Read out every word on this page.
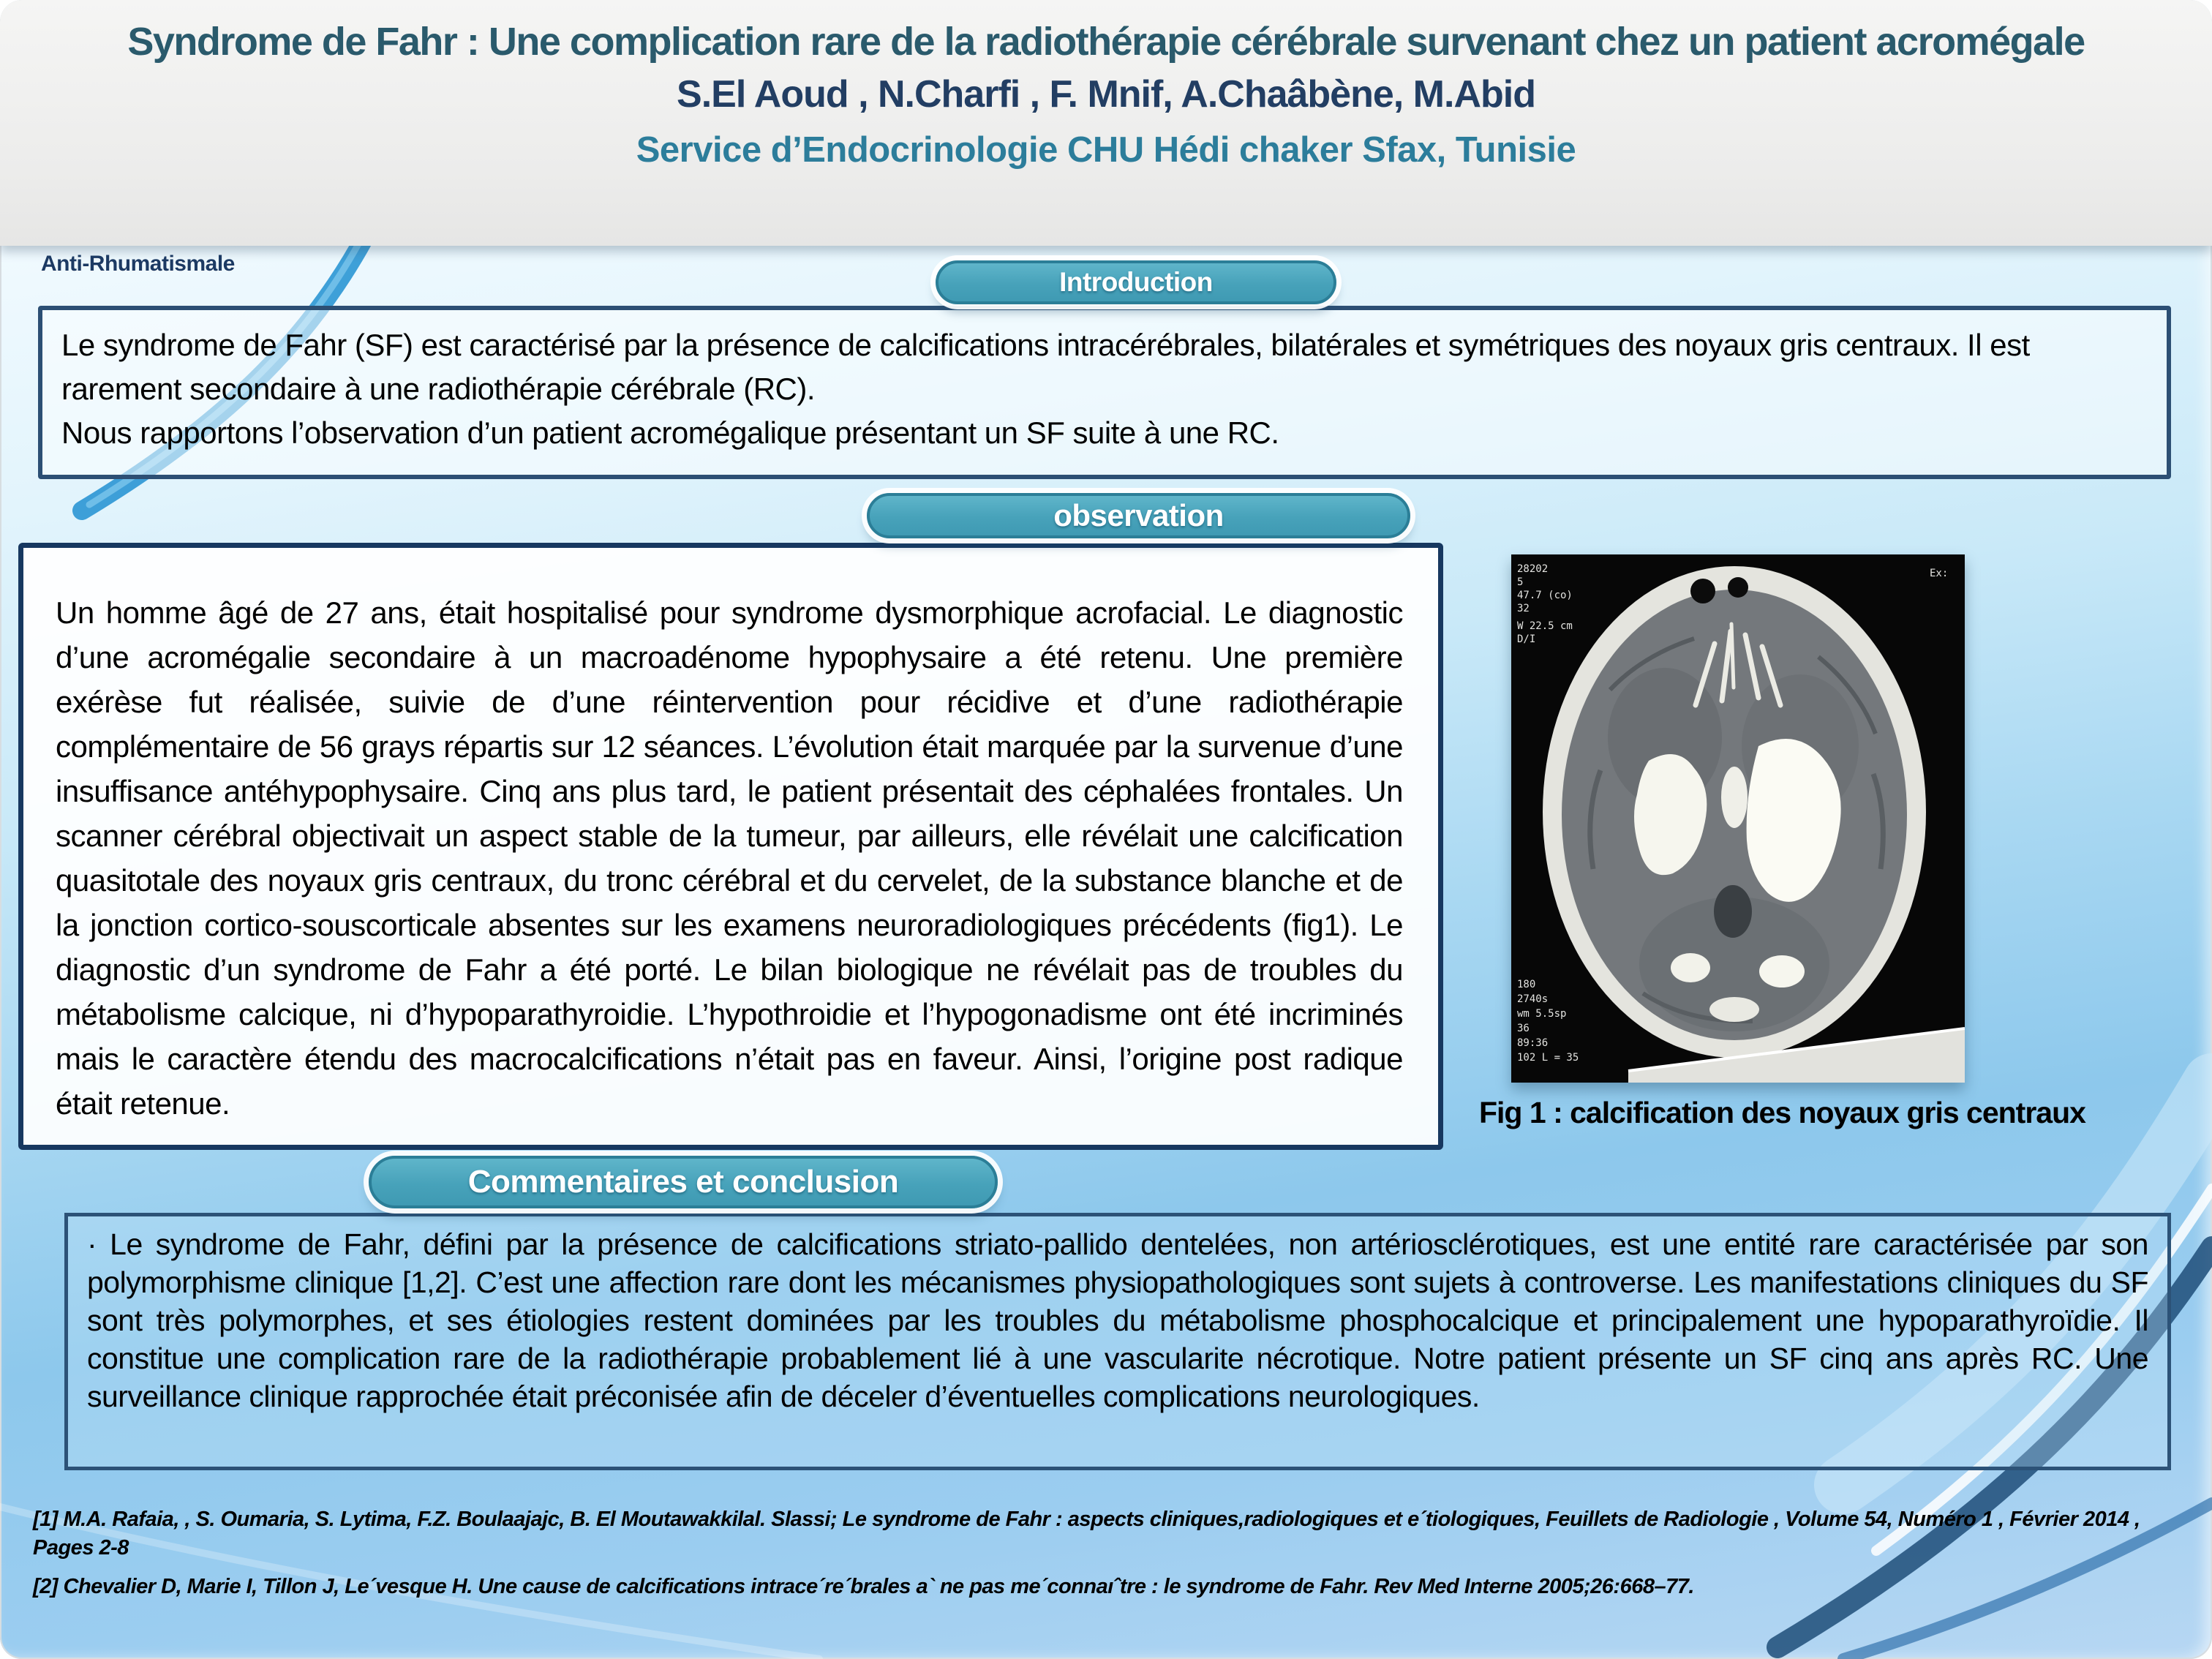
Syndrome de Fahr : Une complication rare de la radiothérapie cérébrale survenant chez un patient acromégale
S.El Aoud , N.Charfi , F. Mnif, A.Chaâbène, M.Abid
Service d’Endocrinologie CHU Hédi chaker Sfax, Tunisie
Anti-Rhumatismale
Introduction

Le syndrome de Fahr (SF) est caractérisé par la présence de calcifications intracérébrales, bilatérales et symétriques des noyaux gris centraux. Il est rarement secondaire à une radiothérapie cérébrale (RC).

Nous rapportons l’observation d’un patient acromégalique présentant un SF suite à une RC.

observation

Un homme âgé de 27 ans, était hospitalisé pour syndrome dysmorphique acrofacial. Le diagnostic d’une acromégalie secondaire à un macroadénome hypophysaire a été retenu. Une première exérèse fut réalisée, suivie de d’une réintervention pour récidive et d’une radiothérapie complémentaire de 56 grays répartis sur 12 séances. L’évolution était marquée par la survenue d’une insuffisance antéhypophysaire. Cinq ans plus tard, le patient présentait des céphalées frontales. Un scanner cérébral objectivait un aspect stable de la tumeur, par ailleurs, elle révélait une calcification quasitotale des noyaux gris centraux, du tronc cérébral et du cervelet, de la substance blanche et de la jonction cortico-souscorticale absentes sur les examens neuroradiologiques précédents (fig1). Le diagnostic d’un syndrome de Fahr a été porté. Le bilan biologique ne révélait pas de troubles du métabolisme calcique, ni d’hypoparathyroidie. L’hypothroidie et l’hypogonadisme ont été incriminés mais le caractère étendu des macrocalcifications n’était pas en faveur. Ainsi, l’origine post radique était retenue.

28202
5
47.7 (co)
32
W 22.5 cm
D/I
Ex:
180
2740s
wm 5.5sp
36
89:36
102 L = 35
Fig 1 : calcification des noyaux gris centraux
Commentaires et conclusion

· Le syndrome de Fahr, défini par la présence de calcifications striato-pallido dentelées, non artériosclérotiques, est une entité rare caractérisée par son polymorphisme clinique [1,2]. C’est une affection rare dont les mécanismes physiopathologiques sont sujets à controverse. Les manifestations cliniques du SF sont très polymorphes, et ses étiologies restent dominées par les troubles du métabolisme phosphocalcique et principalement une hypoparathyroïdie. Il constitue une complication rare de la radiothérapie probablement lié à une vascularite nécrotique. Notre patient présente un SF cinq ans après RC. Une surveillance clinique rapprochée était préconisée afin de déceler d’éventuelles complications neurologiques.

[1] M.A. Rafaia, , S. Oumaria, S. Lytima, F.Z. Boulaajajc, B. El Moutawakkilal. Slassi; Le syndrome de Fahr : aspects cliniques,radiologiques et e´tiologiques, Feuillets de Radiologie , Volume 54, Numéro 1 , Février 2014 , Pages 2-8

[2] Chevalier D, Marie I, Tillon J, Le´vesque H. Une cause de calcifications intrace´re´brales a` ne pas me´connaıˆtre : le syndrome de Fahr. Rev Med Interne 2005;26:668–77.
